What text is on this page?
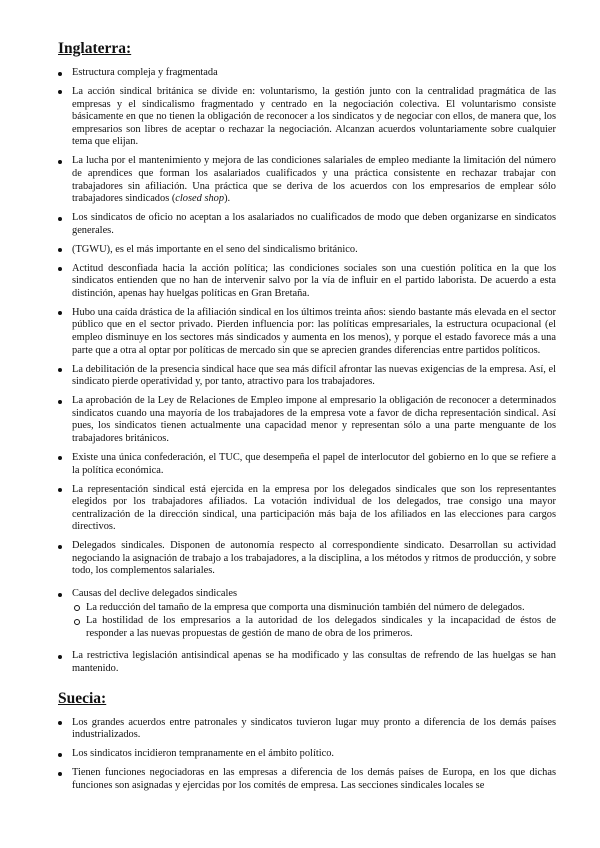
Inglaterra:
Estructura compleja y fragmentada
La acción sindical británica se divide en: voluntarismo, la gestión junto con la centralidad pragmática de las empresas y el sindicalismo fragmentado y centrado en la negociación colectiva. El voluntarismo consiste básicamente en que no tienen la obligación de reconocer a los sindicatos y de negociar con ellos, de manera que, los empresarios son libres de aceptar o rechazar la negociación. Alcanzan acuerdos voluntariamente sobre cualquier tema que elijan.
La lucha por el mantenimiento y mejora de las condiciones salariales de empleo mediante la limitación del número de aprendices que forman los asalariados cualificados y una práctica consistente en rechazar trabajar con trabajadores sin afiliación. Una práctica que se deriva de los acuerdos con los empresarios de emplear sólo trabajadores sindicados (closed shop).
Los sindicatos de oficio no aceptan a los asalariados no cualificados de modo que deben organizarse en sindicatos generales.
(TGWU), es el más importante en el seno del sindicalismo británico.
Actitud desconfiada hacia la acción política; las condiciones sociales son una cuestión política en la que los sindicatos entienden que no han de intervenir salvo por la vía de influir en el partido laborista. De acuerdo a esta distinción, apenas hay huelgas políticas en Gran Bretaña.
Hubo una caída drástica de la afiliación sindical en los últimos treinta años: siendo bastante más elevada en el sector público que en el sector privado. Pierden influencia por: las políticas empresariales, la estructura ocupacional (el empleo disminuye en los sectores más sindicados y aumenta en los menos), y porque el estado favorece más a una parte que a otra al optar por políticas de mercado sin que se aprecien grandes diferencias entre partidos políticos.
La debilitación de la presencia sindical hace que sea más difícil afrontar las nuevas exigencias de la empresa. Así, el sindicato pierde operatividad y, por tanto, atractivo para los trabajadores.
La aprobación de la Ley de Relaciones de Empleo impone al empresario la obligación de reconocer a determinados sindicatos cuando una mayoría de los trabajadores de la empresa vote a favor de dicha representación sindical. Así pues, los sindicatos tienen actualmente una capacidad menor y representan sólo a una parte menguante de los trabajadores británicos.
Existe una única confederación, el TUC, que desempeña el papel de interlocutor del gobierno en lo que se refiere a la política económica.
La representación sindical está ejercida en la empresa por los delegados sindicales que son los representantes elegidos por los trabajadores afiliados. La votación individual de los delegados, trae consigo una mayor centralización de la dirección sindical, una participación más baja de los afiliados en las elecciones para cargos directivos.
Delegados sindicales. Disponen de autonomía respecto al correspondiente sindicato. Desarrollan su actividad negociando la asignación de trabajo a los trabajadores, a la disciplina, a los métodos y ritmos de producción, y sobre todo, los complementos salariales.
Causas del declive delegados sindicales
La reducción del tamaño de la empresa que comporta una disminución también del número de delegados.
La hostilidad de los empresarios a la autoridad de los delegados sindicales y la incapacidad de éstos de responder a las nuevas propuestas de gestión de mano de obra de los primeros.
La restrictiva legislación antisindical apenas se ha modificado y las consultas de refrendo de las huelgas se han mantenido.
Suecia:
Los grandes acuerdos entre patronales y sindicatos tuvieron lugar muy pronto a diferencia de los demás países industrializados.
Los sindicatos incidieron tempranamente en el ámbito político.
Tienen funciones negociadoras en las empresas a diferencia de los demás países de Europa, en los que dichas funciones son asignadas y ejercidas por los comités de empresa. Las secciones sindicales locales se
